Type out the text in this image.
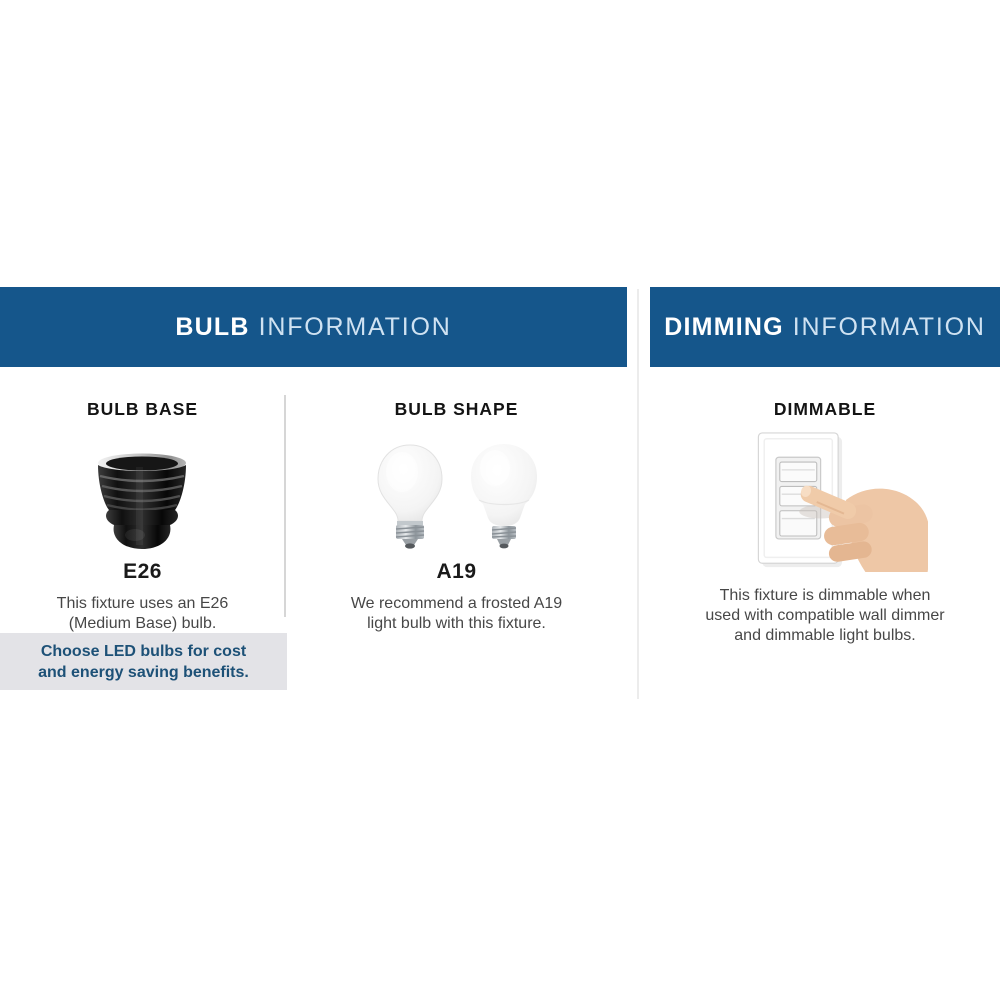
BULB INFORMATION	DIMMING INFORMATION
BULB BASE
E26
This fixture uses an E26
(Medium Base) bulb.
BULB SHAPE
A19
We recommend a frosted A19
light bulb with this fixture.
DIMMABLE
This fixture is dimmable when
used with compatible wall dimmer
and dimmable light bulbs.
Choose LED bulbs for cost
and energy saving benefits.
